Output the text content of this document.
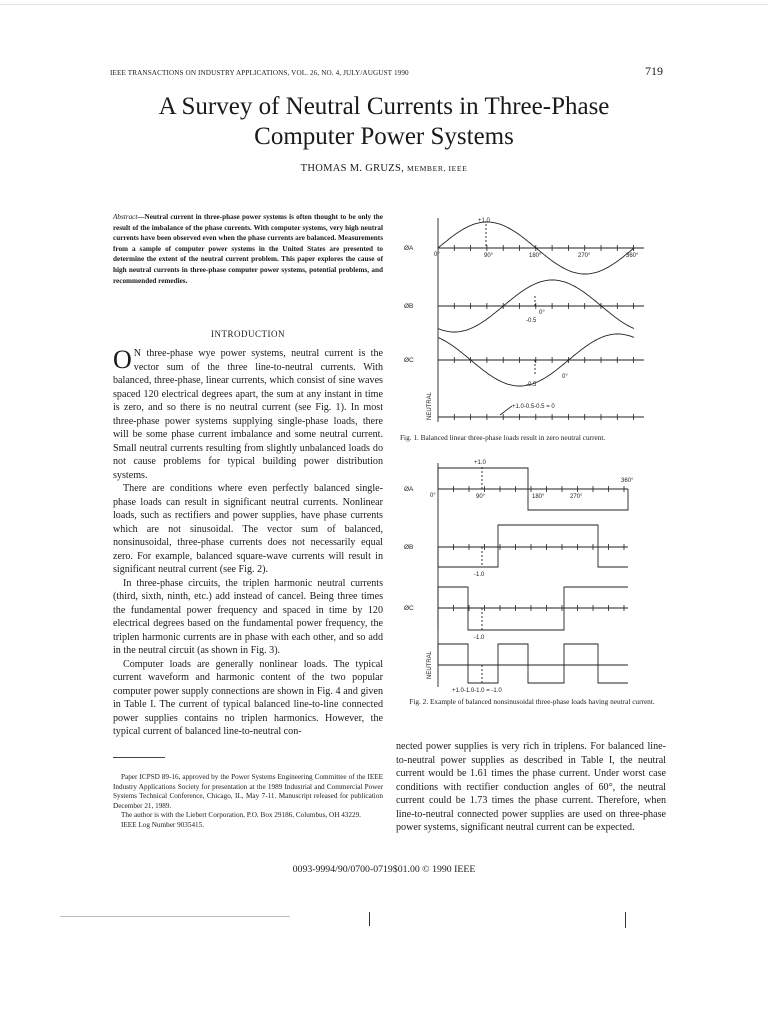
IEEE TRANSACTIONS ON INDUSTRY APPLICATIONS, VOL. 26, NO. 4, JULY/AUGUST 1990	719
A Survey of Neutral Currents in Three-Phase
Computer Power Systems
THOMAS M. GRUZS, MEMBER, IEEE
Abstract—Neutral current in three-phase power systems is often thought to be only the result of the imbalance of the phase currents. With computer systems, very high neutral currents have been observed even when the phase currents are balanced. Measurements from a sample of computer power systems in the United States are presented to determine the extent of the neutral current problem. This paper explores the cause of high neutral currents in three-phase computer power systems, potential problems, and recommended remedies.
INTRODUCTION

O N three-phase wye power systems, neutral current is the vector sum of the three line-to-neutral currents. With balanced, three-phase, linear currents, which consist of sine waves spaced 120 electrical degrees apart, the sum at any instant in time is zero, and so there is no neutral current (see Fig. 1). In most three-phase power systems supplying single-phase loads, there will be some phase current imbalance and some neutral current. Small neutral currents resulting from slightly unbalanced loads do not cause problems for typical building power distribution systems.

There are conditions where even perfectly balanced single-phase loads can result in significant neutral currents. Nonlinear loads, such as rectifiers and power supplies, have phase currents which are not sinusoidal. The vector sum of balanced, nonsinusoidal, three-phase currents does not necessarily equal zero. For example, balanced square-wave currents will result in significant neutral current (see Fig. 2).

In three-phase circuits, the triplen harmonic neutral currents (third, sixth, ninth, etc.) add instead of cancel. Being three times the fundamental power frequency and spaced in time by 120 electrical degrees based on the fundamental power frequency, the triplen harmonic currents are in phase with each other, and so add in the neutral circuit (as shown in Fig. 3).

Computer loads are generally nonlinear loads. The typical current waveform and harmonic content of the two popular computer power supply connections are shown in Fig. 4 and given in Table I. The current of typical balanced line-to-line connected power supplies contains no triplen harmonics. However, the typical current of balanced line-to-neutral con-

Paper ICPSD 89-16, approved by the Power Systems Engineering Committee of the IEEE Industry Applications Society for presentation at the 1989 Industrial and Commercial Power Systems Technical Conference, Chicago, IL, May 7-11. Manuscript released for publication December 21, 1989.

The author is with the Liebert Corporation, P.O. Box 29186, Columbus, OH 43229.

IEEE Log Number 9035415.

nected power supplies is very rich in triplens. For balanced line-to-neutral power supplies as described in Table I, the neutral current would be 1.61 times the phase current. Under worst case conditions with rectifier conduction angles of 60°, the neutral current could be 1.73 times the phase current. Therefore, when line-to-neutral connected power supplies are used on three-phase power systems, significant neutral current can be expected.

0093-9994/90/0700-0719$01.00 © 1990 IEEE
ØA
ØB
ØC
NEUTRAL
+1.0
0°	90°	180°	270°	360°
-0.5
0°
-0.5
0°
+1.0-0.5-0.5 = 0
Fig. 1. Balanced linear three-phase loads result in zero neutral current.
ØA
ØB
ØC
NEUTRAL
+1.0
0°	90°	180°	270°
360°
-1.0
-1.0
+1.0-1.0-1.0 = -1.0
Fig. 2. Example of balanced nonsinusoidal three-phase loads having neutral current.
